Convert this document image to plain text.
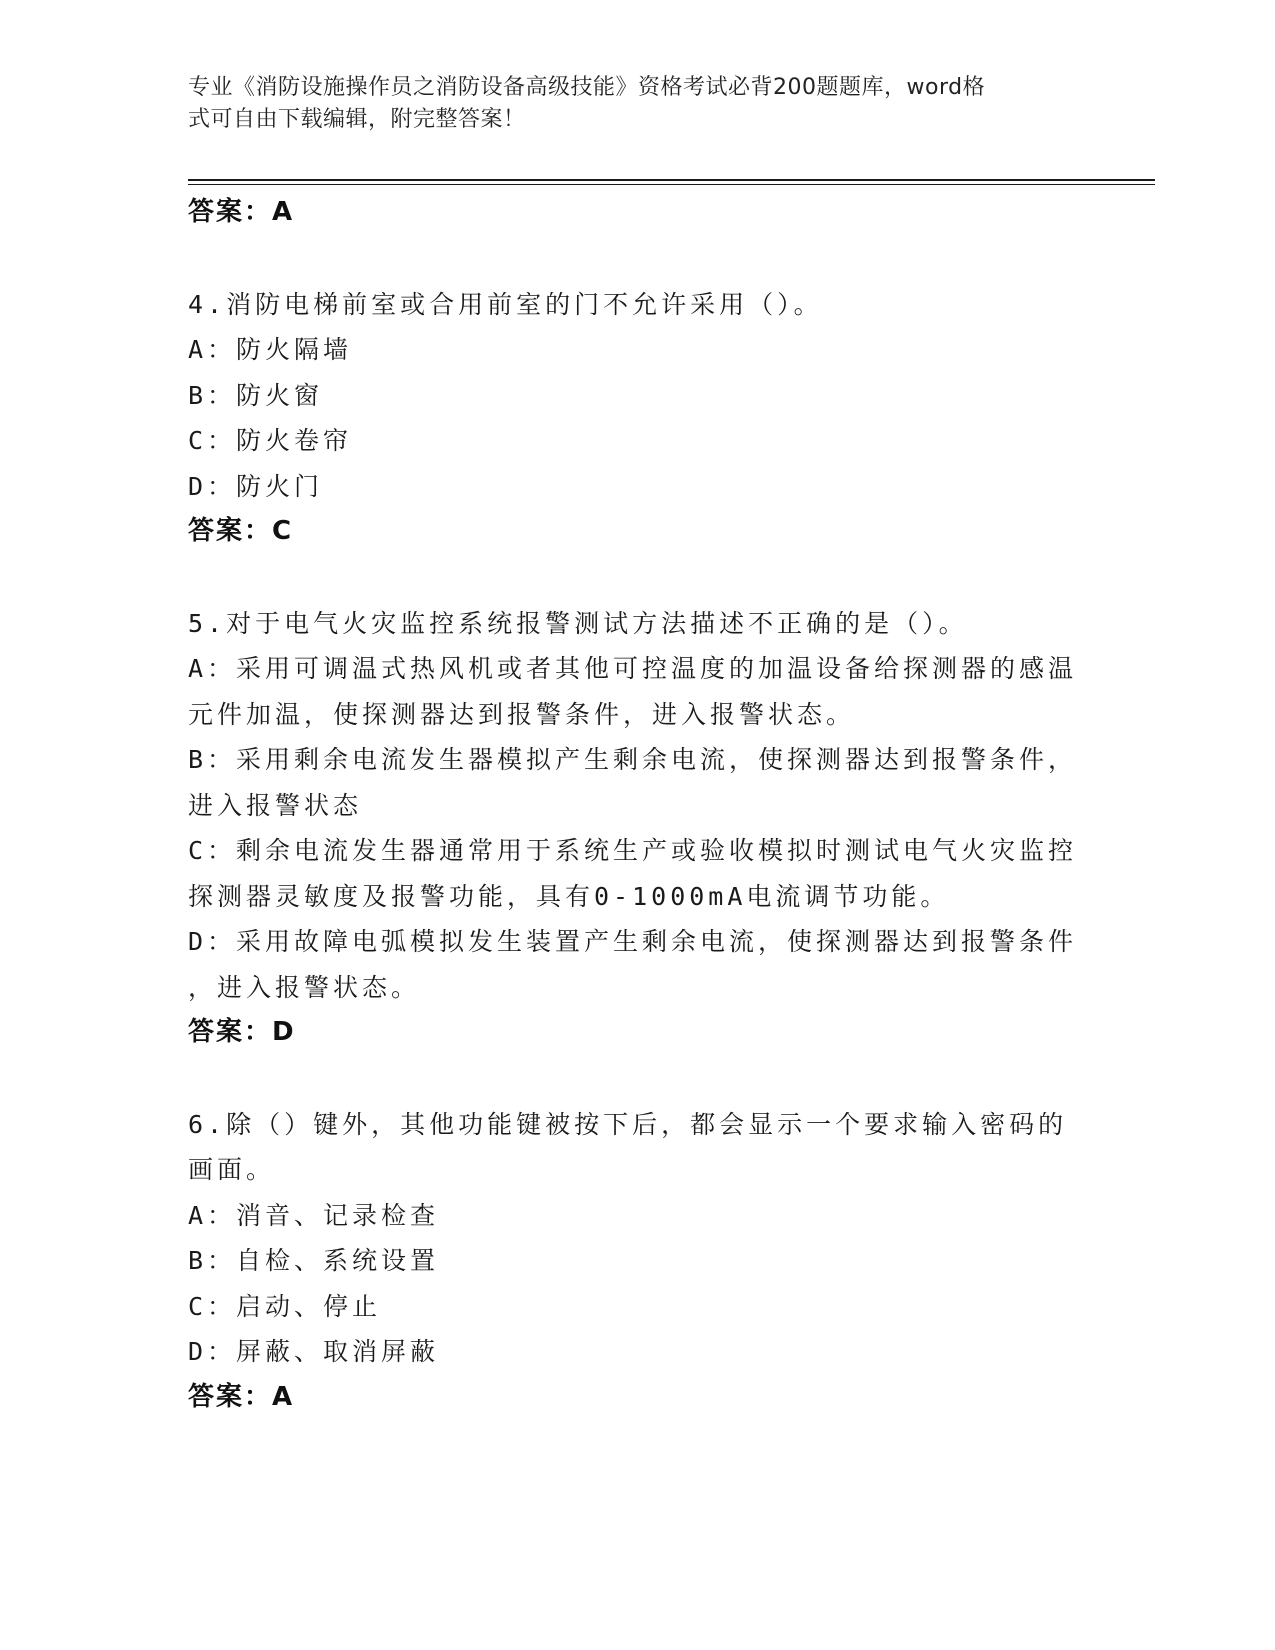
专业《消防设施操作员之消防设备高级技能》资格考试必背200题题库，word格
式可自由下载编辑，附完整答案！
答案：A
4.消防电梯前室或合用前室的门不允许采用（）。
A：防火隔墙
B：防火窗
C：防火卷帘
D：防火门
答案：C
5.对于电气火灾监控系统报警测试方法描述不正确的是（）。
A：采用可调温式热风机或者其他可控温度的加温设备给探测器的感温
元件加温，使探测器达到报警条件，进入报警状态。
B：采用剩余电流发生器模拟产生剩余电流，使探测器达到报警条件，
进入报警状态
C：剩余电流发生器通常用于系统生产或验收模拟时测试电气火灾监控
探测器灵敏度及报警功能，具有0-1000mA电流调节功能。
D：采用故障电弧模拟发生装置产生剩余电流，使探测器达到报警条件
，进入报警状态。
答案：D
6.除（）键外，其他功能键被按下后，都会显示一个要求输入密码的
画面。
A：消音、记录检查
B：自检、系统设置
C：启动、停止
D：屏蔽、取消屏蔽
答案：A
